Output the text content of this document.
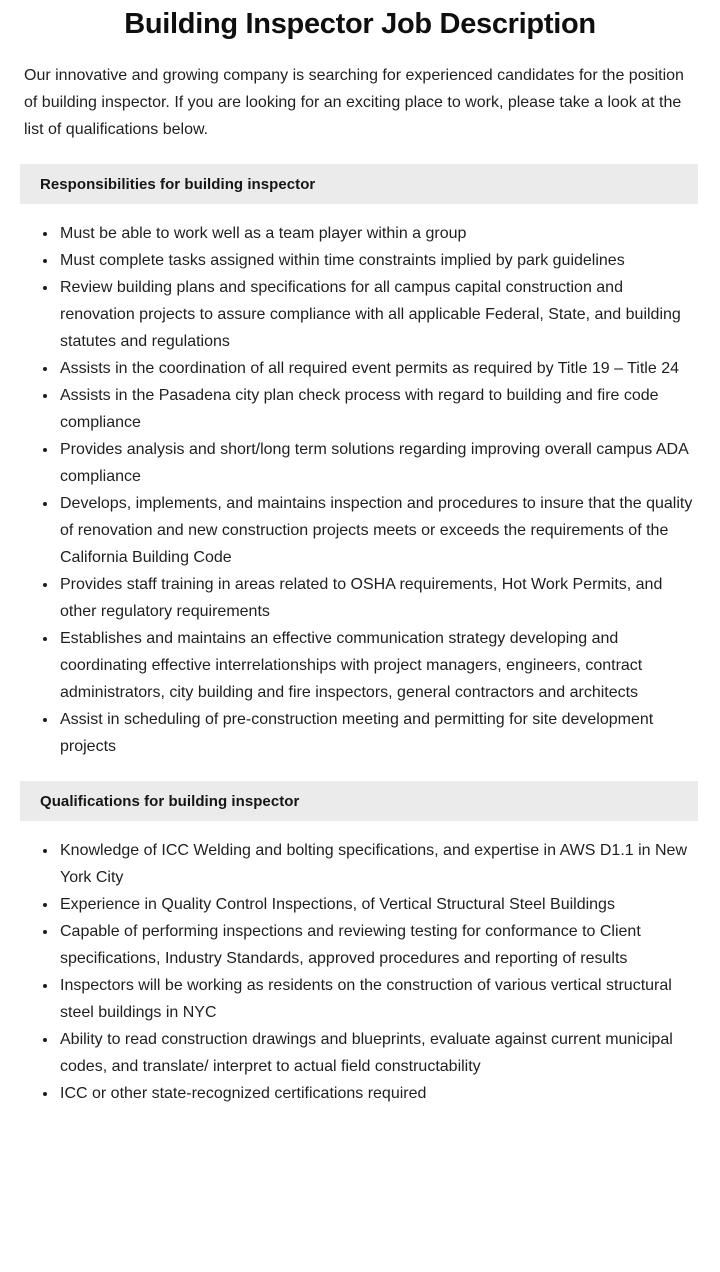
Building Inspector Job Description

Our innovative and growing company is searching for experienced candidates for the position of building inspector. If you are looking for an exciting place to work, please take a look at the list of qualifications below.

Responsibilities for building inspector
Must be able to work well as a team player within a group
Must complete tasks assigned within time constraints implied by park guidelines
Review building plans and specifications for all campus capital construction and renovation projects to assure compliance with all applicable Federal, State, and building statutes and regulations
Assists in the coordination of all required event permits as required by Title 19 – Title 24
Assists in the Pasadena city plan check process with regard to building and fire code compliance
Provides analysis and short/long term solutions regarding improving overall campus ADA compliance
Develops, implements, and maintains inspection and procedures to insure that the quality of renovation and new construction projects meets or exceeds the requirements of the California Building Code
Provides staff training in areas related to OSHA requirements, Hot Work Permits, and other regulatory requirements
Establishes and maintains an effective communication strategy developing and coordinating effective interrelationships with project managers, engineers, contract administrators, city building and fire inspectors, general contractors and architects
Assist in scheduling of pre-construction meeting and permitting for site development projects
Qualifications for building inspector
Knowledge of ICC Welding and bolting specifications, and expertise in AWS D1.1 in New York City
Experience in Quality Control Inspections, of Vertical Structural Steel Buildings
Capable of performing inspections and reviewing testing for conformance to Client specifications, Industry Standards, approved procedures and reporting of results
Inspectors will be working as residents on the construction of various vertical structural steel buildings in NYC
Ability to read construction drawings and blueprints, evaluate against current municipal codes, and translate/ interpret to actual field constructability
ICC or other state-recognized certifications required
